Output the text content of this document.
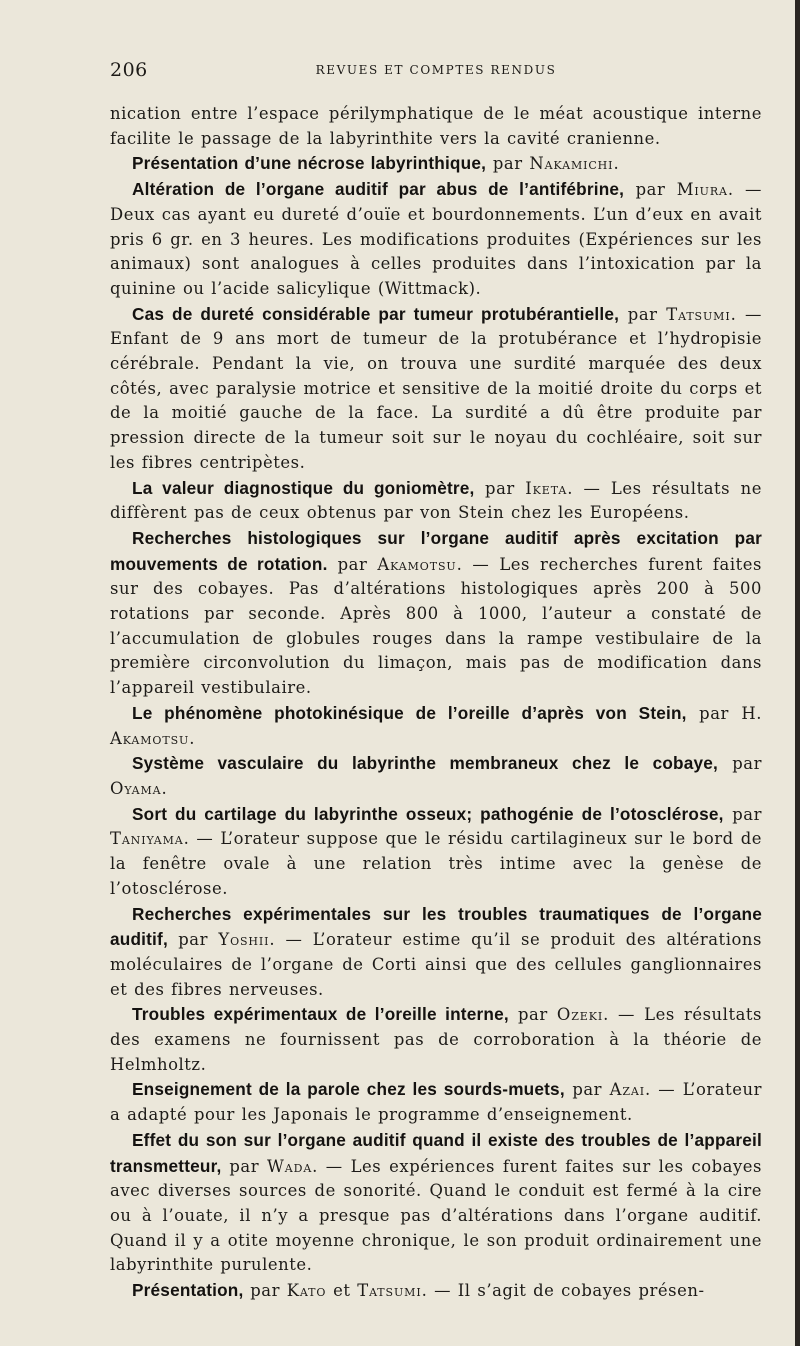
206	REVUES ET COMPTES RENDUS

nication entre l’espace périlymphatique de le méat acoustique interne facilite le passage de la labyrinthite vers la cavité cranienne.

Présentation d’une nécrose labyrinthique, par Nakamichi.

Altération de l’organe auditif par abus de l’antifébrine, par Miura. — Deux cas ayant eu dureté d’ouïe et bourdonnements. L’un d’eux en avait pris 6 gr. en 3 heures. Les modifications produites (Expériences sur les animaux) sont analogues à celles produites dans l’intoxication par la quinine ou l’acide salicylique (Wittmack).

Cas de dureté considérable par tumeur protubérantielle, par Tatsumi. — Enfant de 9 ans mort de tumeur de la protubérance et l’hydropisie cérébrale. Pendant la vie, on trouva une surdité marquée des deux côtés, avec paralysie motrice et sensitive de la moitié droite du corps et de la moitié gauche de la face. La surdité a dû être produite par pression directe de la tumeur soit sur le noyau du cochléaire, soit sur les fibres centripètes.

La valeur diagnostique du goniomètre, par Iketa. — Les résultats ne diffèrent pas de ceux obtenus par von Stein chez les Européens.

Recherches histologiques sur l’organe auditif après excitation par mouvements de rotation. par Akamotsu. — Les recherches furent faites sur des cobayes. Pas d’altérations histologiques après 200 à 500 rotations par seconde. Après 800 à 1000, l’auteur a constaté de l’accumulation de globules rouges dans la rampe vestibulaire de la première circonvolution du limaçon, mais pas de modification dans l’appareil vestibulaire.

Le phénomène photokinésique de l’oreille d’après von Stein, par H. Akamotsu.

Système vasculaire du labyrinthe membraneux chez le cobaye, par Oyama.

Sort du cartilage du labyrinthe osseux; pathogénie de l’otosclérose, par Taniyama. — L’orateur suppose que le résidu cartilagineux sur le bord de la fenêtre ovale à une relation très intime avec la genèse de l’otosclérose.

Recherches expérimentales sur les troubles traumatiques de l’organe auditif, par Yoshii. — L’orateur estime qu’il se produit des altérations moléculaires de l’organe de Corti ainsi que des cellules ganglionnaires et des fibres nerveuses.

Troubles expérimentaux de l’oreille interne, par Ozeki. — Les résultats des examens ne fournissent pas de corroboration à la théorie de Helmholtz.

Enseignement de la parole chez les sourds-muets, par Azai. — L’orateur a adapté pour les Japonais le programme d’enseignement.

Effet du son sur l’organe auditif quand il existe des troubles de l’appareil transmetteur, par Wada. — Les expériences furent faites sur les cobayes avec diverses sources de sonorité. Quand le conduit est fermé à la cire ou à l’ouate, il n’y a presque pas d’altérations dans l’organe auditif. Quand il y a otite moyenne chronique, le son produit ordinairement une labyrinthite purulente.

Présentation, par Kato et Tatsumi. — Il s’agit de cobayes présen-
